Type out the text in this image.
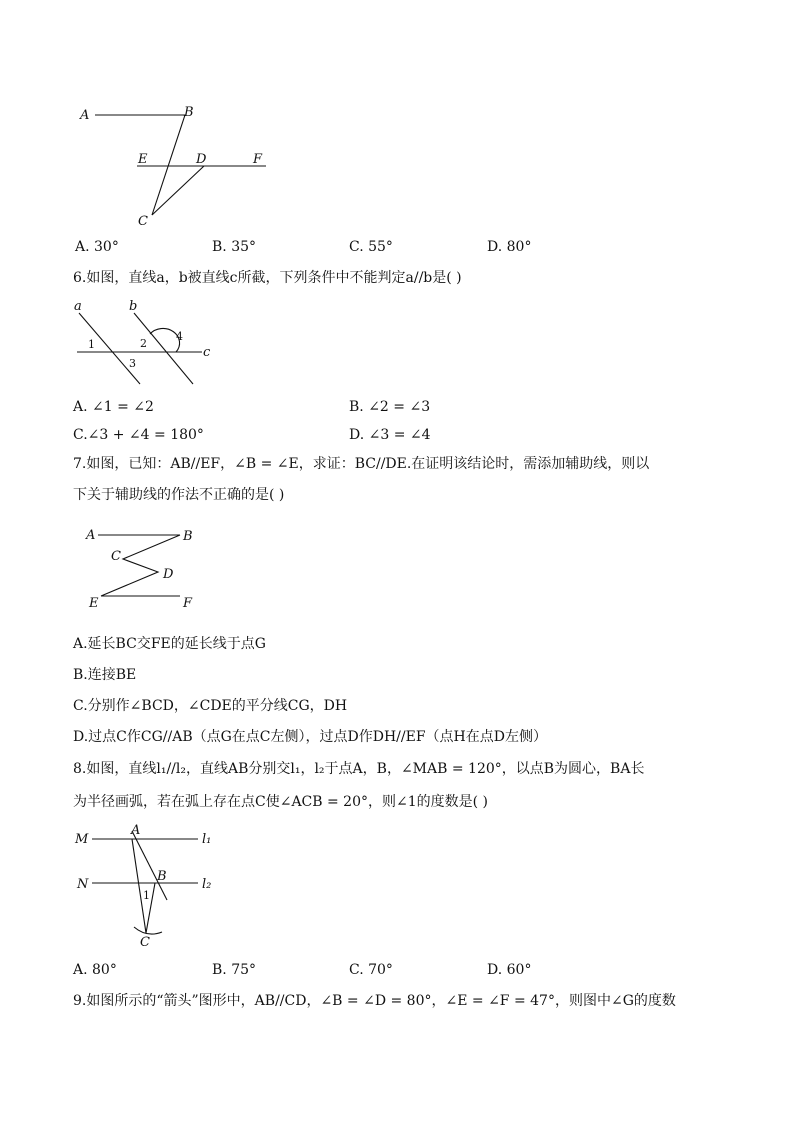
A	B
E	D	F
C
A. 30°	B. 35°	C. 55°	D. 80°
6.如图，直线a，b被直线c所截，下列条件中不能判定a//b是( )
a	b
c
1	2
3
4
A. ∠1 = ∠2	B. ∠2 = ∠3
C.∠3 + ∠4 = 180°	D. ∠3 = ∠4
7.如图，已知：AB//EF，∠B = ∠E，求证：BC//DE.在证明该结论时，需添加辅助线，则以
下关于辅助线的作法不正确的是( )
A	B
C
D
E	F
A.延长BC交FE的延长线于点G
B.连接BE
C.分别作∠BCD，∠CDE的平分线CG，DH
D.过点C作CG//AB（点G在点C左侧），过点D作DH//EF（点H在点D左侧）
8.如图，直线l₁//l₂，直线AB分别交l₁，l₂于点A，B，∠MAB = 120°，以点B为圆心，BA长
为半径画弧，若在弧上存在点C使∠ACB = 20°，则∠1的度数是( )
M
A
l₁
N
B
l₂
1
C
A. 80°	B. 75°	C. 70°	D. 60°
9.如图所示的“箭头”图形中，AB//CD，∠B = ∠D = 80°，∠E = ∠F = 47°，则图中∠G的度数
